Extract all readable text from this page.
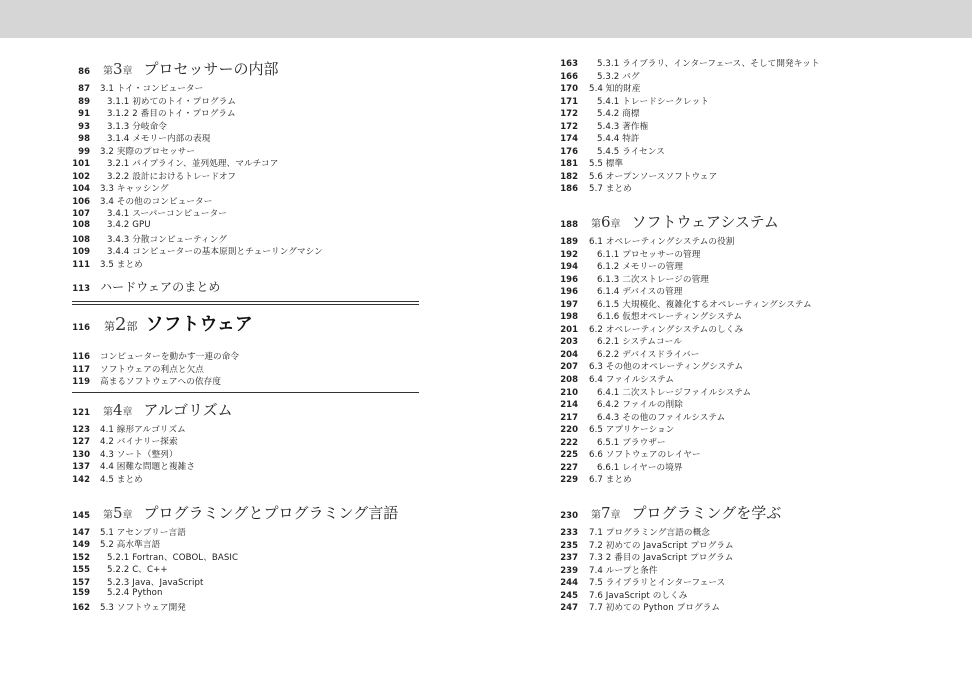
86 第3章 プロセッサーの内部
87 3.1 トイ・コンピューター
89 3.1.1 初めてのトイ・プログラム
91 3.1.2 2 番目のトイ・プログラム
93 3.1.3 分岐命令
98 3.1.4 メモリー内部の表現
99 3.2 実際のプロセッサー
101 3.2.1 パイプライン、並列処理、マルチコア
102 3.2.2 設計におけるトレードオフ
104 3.3 キャッシング
106 3.4 その他のコンピューター
107 3.4.1 スーパーコンピューター
108 3.4.2 GPU
108 3.4.3 分散コンピューティング
109 3.4.4 コンピューターの基本原則とチューリングマシン
111 3.5 まとめ
113 ハードウェアのまとめ
116 第2部 ソフトウェア
116 コンピューターを動かす一連の命令
117 ソフトウェアの利点と欠点
119 高まるソフトウェアへの依存度
121 第4章 アルゴリズム
123 4.1 線形アルゴリズム
127 4.2 バイナリー探索
130 4.3 ソート（整列）
137 4.4 困難な問題と複雑さ
142 4.5 まとめ
145 第5章 プログラミングとプログラミング言語
147 5.1 アセンブリー言語
149 5.2 高水準言語
152 5.2.1 Fortran、COBOL、BASIC
155 5.2.2 C、C++
157 5.2.3 Java、JavaScript
159 5.2.4 Python
162 5.3 ソフトウェア開発
163 5.3.1 ライブラリ、インターフェース、そして開発キット
166 5.3.2 バグ
170 5.4 知的財産
171 5.4.1 トレードシークレット
172 5.4.2 商標
172 5.4.3 著作権
174 5.4.4 特許
176 5.4.5 ライセンス
181 5.5 標準
182 5.6 オープンソースソフトウェア
186 5.7 まとめ
188 第6章 ソフトウェアシステム
189 6.1 オペレーティングシステムの役割
192 6.1.1 プロセッサーの管理
194 6.1.2 メモリーの管理
196 6.1.3 二次ストレージの管理
196 6.1.4 デバイスの管理
197 6.1.5 大規模化、複雑化するオペレーティングシステム
198 6.1.6 仮想オペレーティングシステム
201 6.2 オペレーティングシステムのしくみ
203 6.2.1 システムコール
204 6.2.2 デバイスドライバー
207 6.3 その他のオペレーティングシステム
208 6.4 ファイルシステム
210 6.4.1 二次ストレージファイルシステム
214 6.4.2 ファイルの削除
217 6.4.3 その他のファイルシステム
220 6.5 アプリケーション
222 6.5.1 ブラウザー
225 6.6 ソフトウェアのレイヤー
227 6.6.1 レイヤーの境界
229 6.7 まとめ
230 第7章 プログラミングを学ぶ
233 7.1 プログラミング言語の概念
235 7.2 初めての JavaScript プログラム
237 7.3 2 番目の JavaScript プログラム
239 7.4 ループと条件
244 7.5 ライブラリとインターフェース
245 7.6 JavaScript のしくみ
247 7.7 初めての Python プログラム
